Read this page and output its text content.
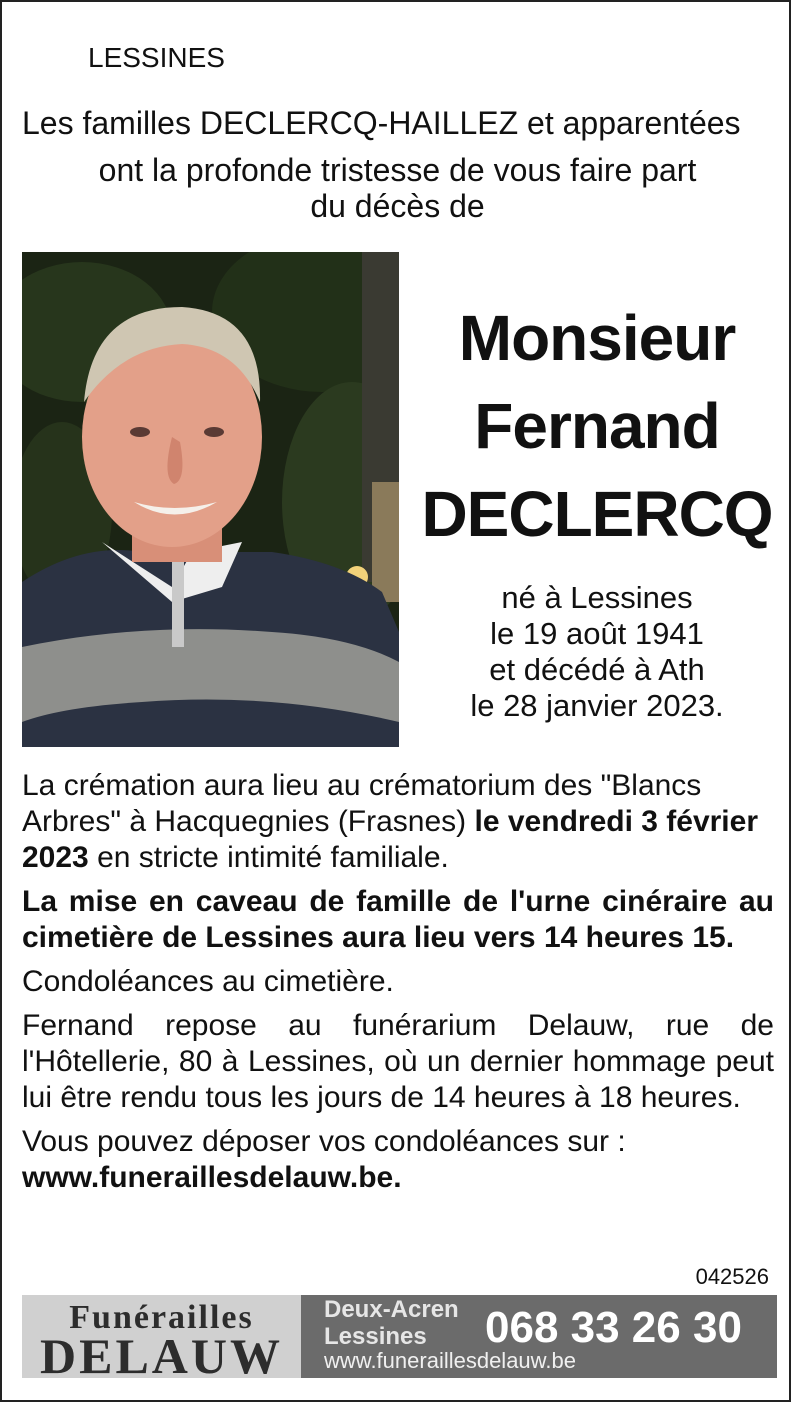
LESSINES
Les familles DECLERCQ-HAILLEZ et apparentées
ont la profonde tristesse de vous faire part
du décès de
Monsieur
Fernand
DECLERCQ
né à Lessines
le 19 août 1941
et décédé à Ath
le 28 janvier 2023.

La crémation aura lieu au crématorium des "Blancs Arbres" à Hacquegnies (Frasnes) le vendredi 3 février 2023 en stricte intimité familiale.

La mise en caveau de famille de l'urne cinéraire au cimetière de Lessines aura lieu vers 14 heures 15.

Condoléances au cimetière.

Fernand repose au funérarium Delauw, rue de l'Hôtellerie, 80 à Lessines, où un dernier hommage peut lui être rendu tous les jours de 14 heures à 18 heures.

Vous pouvez déposer vos condoléances sur :
www.funeraillesdelauw.be.

042526
Funérailles
DELAUW
Deux-Acren
Lessines 068 33 26 30
www.funeraillesdelauw.be
